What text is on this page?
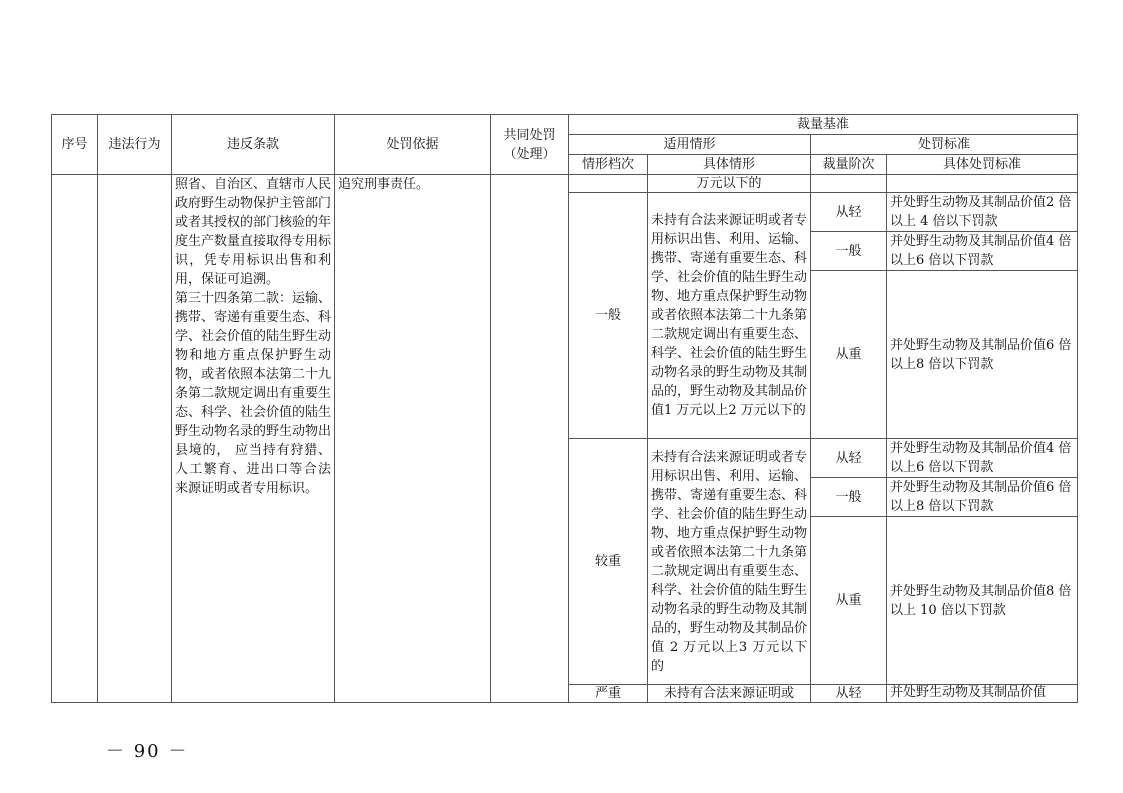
序号	违法行为	违反条款	处罚依据	共同处罚
（处理）	裁量基准			
					适用情形		处罚标准	
					情形档次	具体情形	裁量阶次	具体处罚标准
		照省、自治区、直辖市人民政府野生动物保护主管部门或者其授权的部门核验的年度生产数量直接取得专用标识，凭专用标识出售和利用，保证可追溯。
第三十四条第二款：运输、携带、寄递有重要生态、科学、社会价值的陆生野生动物和地方重点保护野生动物，或者依照本法第二十九条第二款规定调出有重要生态、科学、社会价值的陆生野生动物名录的野生动物出县境的， 应当持有狩猎、 人工繁育、进出口等合法 来源证明或者专用标识。	追究刑事责任。			万元以下的		
					一般	未持有合法来源证明或者专用标识出售、利用、运输、携带、寄递有重要生态、科学、社会价值的陆生野生动物、地方重点保护野生动物或者依照本法第二十九条第二款规定调出有重要生态、科学、社会价值的陆生野生动物名录的野生动物及其制品的，野生动物及其制品价值1 万元以上2 万元以下的	从轻	并处野生动物及其制品价值2 倍以上 4 倍以下罚款
							一般	并处野生动物及其制品价值4 倍以上6 倍以下罚款
							从重	并处野生动物及其制品价值6 倍以上8 倍以下罚款
					较重	未持有合法来源证明或者专用标识出售、利用、运输、携带、寄递有重要生态、科学、社会价值的陆生野生动物、地方重点保护野生动物或者依照本法第二十九条第二款规定调出有重要生态、科学、社会价值的陆生野生动物名录的野生动物及其制品的，野生动物及其制品价值 2 万元以上3 万元以下的	从轻	并处野生动物及其制品价值4 倍以上6 倍以下罚款
							一般	并处野生动物及其制品价值6 倍以上8 倍以下罚款
							从重	并处野生动物及其制品价值8 倍以上 10 倍以下罚款
					严重	未持有合法来源证明或	从轻	并处野生动物及其制品价值
－ 90 －
